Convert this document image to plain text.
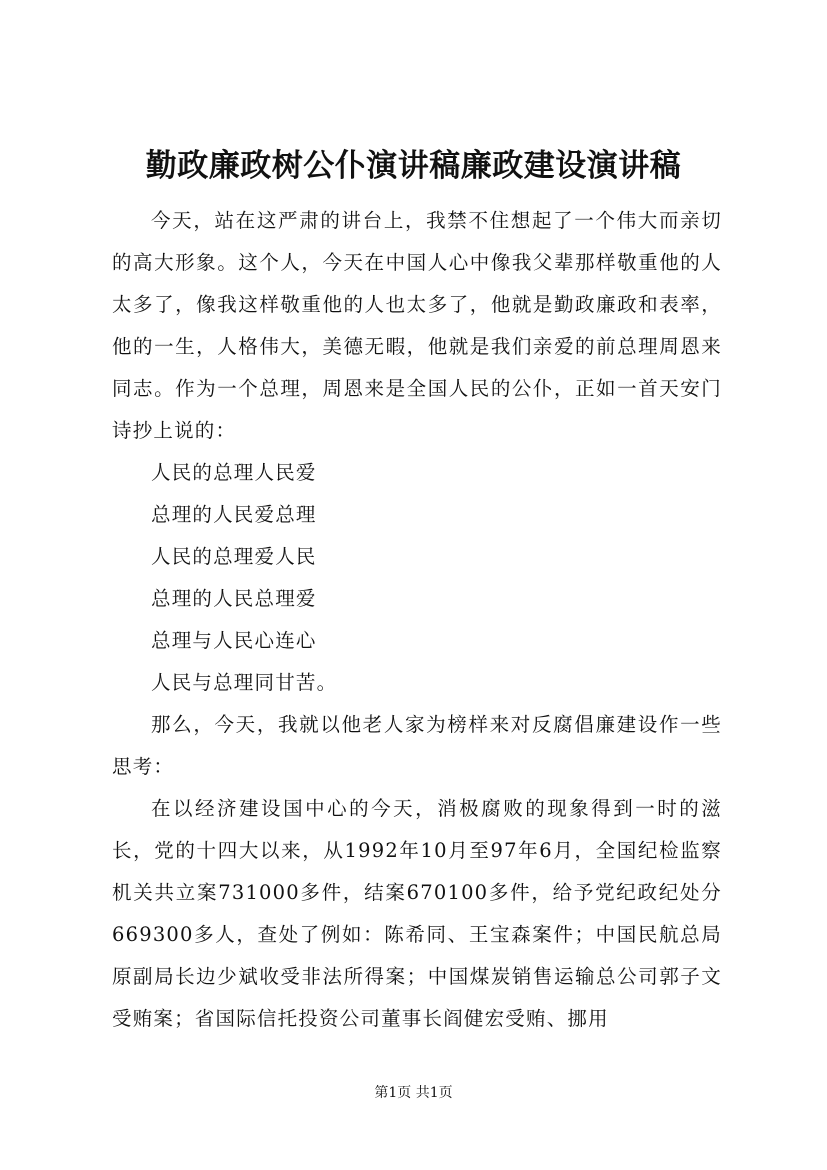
勤政廉政树公仆演讲稿廉政建设演讲稿

今天，站在这严肃的讲台上，我禁不住想起了一个伟大而亲切的高大形象。这个人，今天在中国人心中像我父辈那样敬重他的人太多了，像我这样敬重他的人也太多了，他就是勤政廉政和表率，他的一生，人格伟大，美德无暇，他就是我们亲爱的前总理周恩来同志。作为一个总理，周恩来是全国人民的公仆，正如一首天安门诗抄上说的：

人民的总理人民爱

总理的人民爱总理

人民的总理爱人民

总理的人民总理爱

总理与人民心连心

人民与总理同甘苦。

那么，今天，我就以他老人家为榜样来对反腐倡廉建设作一些思考：

在以经济建设国中心的今天，消极腐败的现象得到一时的滋长，党的十四大以来，从1992年10月至97年6月，全国纪检监察机关共立案731000多件，结案670100多件，给予党纪政纪处分669300多人，查处了例如：陈希同、王宝森案件；中国民航总局原副局长边少斌收受非法所得案；中国煤炭销售运输总公司郭子文受贿案；省国际信托投资公司董事长阎健宏受贿、挪用

第1页 共1页
